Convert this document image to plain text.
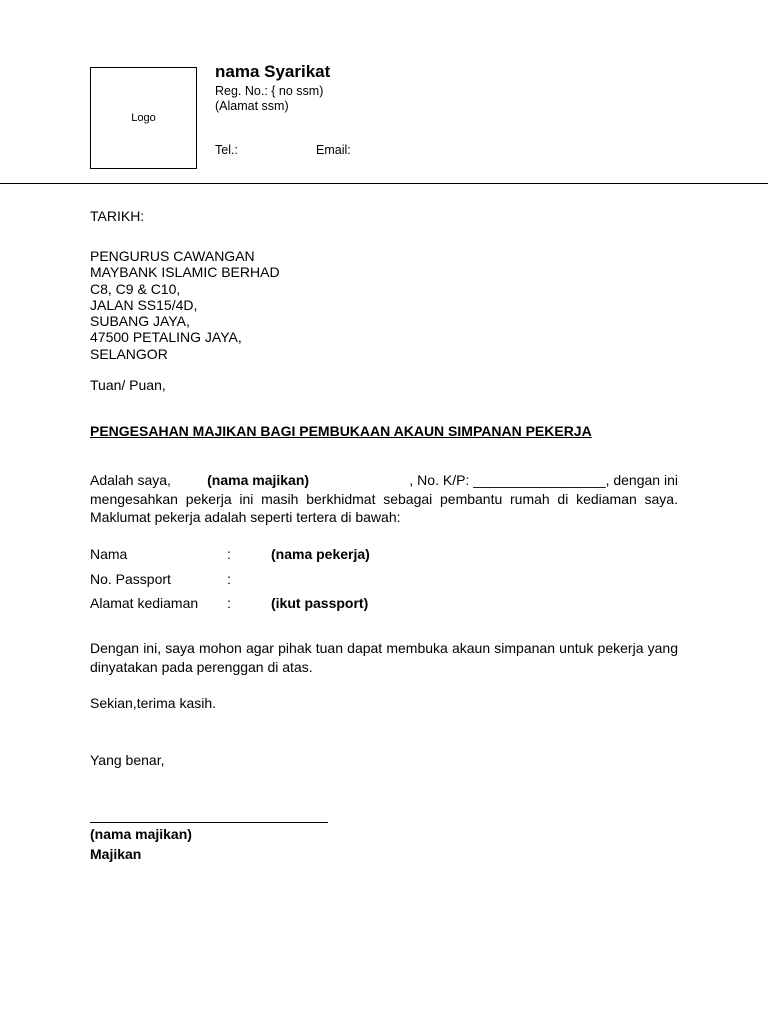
Logo
nama Syarikat
Reg. No.: { no ssm)
(Alamat ssm)
Tel.:	Email:
TARIKH:
PENGURUS CAWANGAN
MAYBANK ISLAMIC BERHAD
C8, C9 & C10,
JALAN SS15/4D,
SUBANG JAYA,
47500 PETALING JAYA,
SELANGOR
Tuan/ Puan,
PENGESAHAN MAJIKAN BAGI PEMBUKAAN AKAUN SIMPANAN PEKERJA
Adalah saya,	(nama majikan)	, No. K/P: _________________, dengan ini
mengesahkan pekerja ini masih berkhidmat sebagai pembantu rumah di kediaman saya.
Maklumat pekerja adalah seperti tertera di bawah:
Nama	:	(nama pekerja)
No. Passport	:
Alamat kediaman :	(ikut passport)
Dengan ini, saya mohon agar pihak tuan dapat membuka akaun simpanan untuk pekerja yang
dinyatakan pada perenggan di atas.
Sekian,terima kasih.
Yang benar,
(nama majikan)
Majikan
